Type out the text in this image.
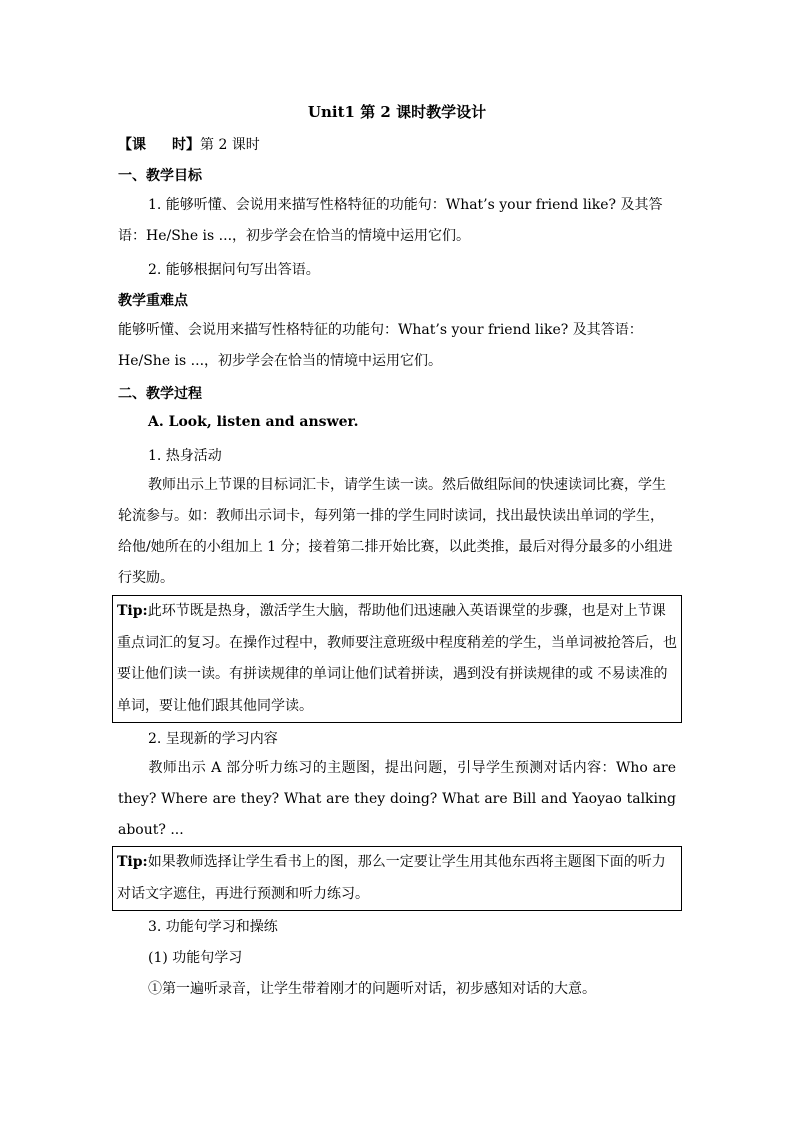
Unit1 第 2 课时教学设计
【课 时】第 2 课时
一、教学目标
1. 能够听懂、会说用来描写性格特征的功能句：What’s your friend like? 及其答语：He/She is ...，初步学会在恰当的情境中运用它们。
2. 能够根据问句写出答语。
教学重难点
能够听懂、会说用来描写性格特征的功能句：What’s your friend like? 及其答语：He/She is ...，初步学会在恰当的情境中运用它们。
二、教学过程
A. Look, listen and answer.
1. 热身活动
教师出示上节课的目标词汇卡，请学生读一读。然后做组际间的快速读词比赛，学生轮流参与。如：教师出示词卡，每列第一排的学生同时读词，找出最快读出单词的学生，给他/她所在的小组加上 1 分；接着第二排开始比赛，以此类推，最后对得分最多的小组进行奖励。
Tip:此环节既是热身，激活学生大脑，帮助他们迅速融入英语课堂的步骤，也是对上节课重点词汇的复习。在操作过程中，教师要注意班级中程度稍差的学生，当单词被抢答后，也要让他们读一读。有拼读规律的单词让他们试着拼读，遇到没有拼读规律的或 不易读准的单词，要让他们跟其他同学读。
2. 呈现新的学习内容
教师出示 A 部分听力练习的主题图，提出问题，引导学生预测对话内容：Who are they? Where are they? What are they doing? What are Bill and Yaoyao talking about? ...
Tip:如果教师选择让学生看书上的图，那么一定要让学生用其他东西将主题图下面的听力对话文字遮住，再进行预测和听力练习。
3. 功能句学习和操练
(1) 功能句学习
①第一遍听录音，让学生带着刚才的问题听对话，初步感知对话的大意。
